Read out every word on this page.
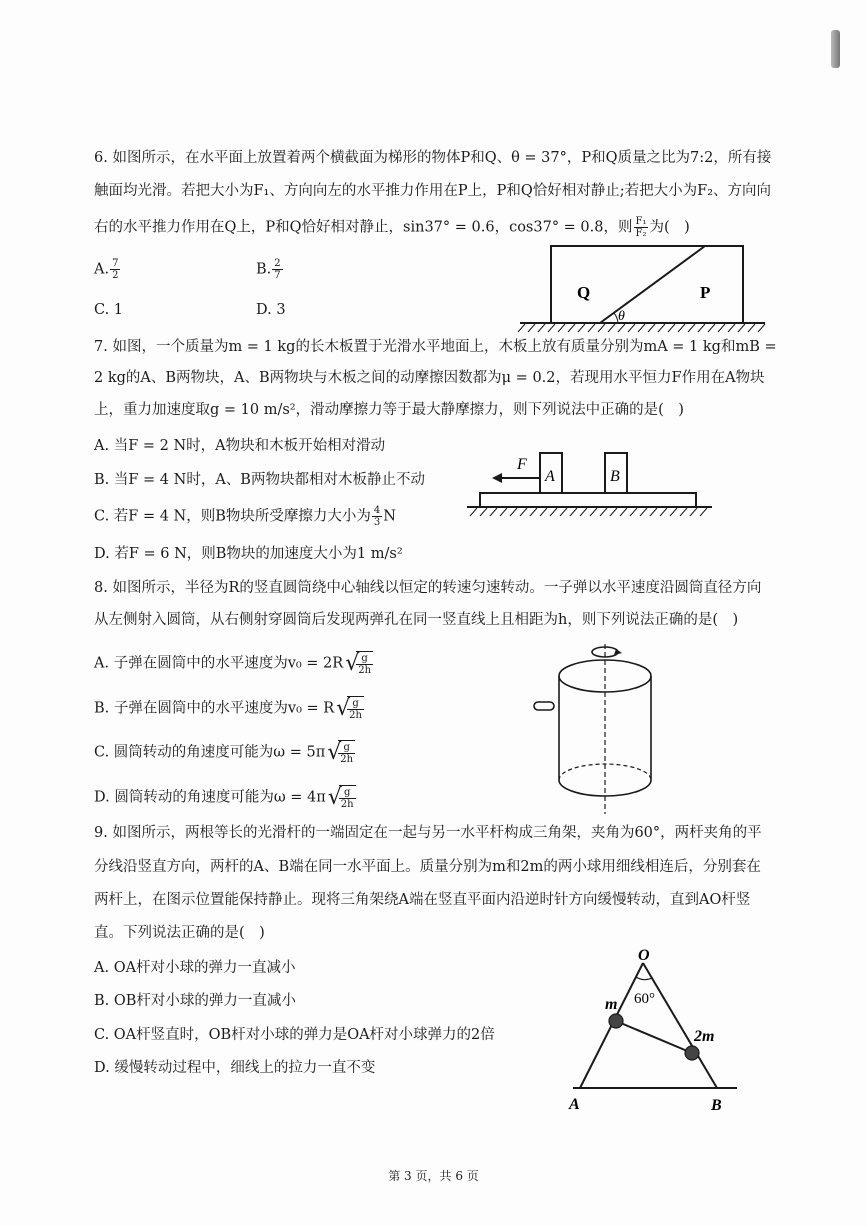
6. 如图所示，在水平面上放置着两个横截面为梯形的物体P和Q、θ = 37°，P和Q质量之比为7:2，所有接
触面均光滑。若把大小为F₁、方向向左的水平推力作用在P上，P和Q恰好相对静止;若把大小为F₂、方向向
右的水平推力作用在Q上，P和Q恰好相对静止，sin37° = 0.6，cos37° = 0.8，则 $\frac{\text{F₁}}{\text{F₂}}$ 为(　)
A. $\frac{7}{2}$	B. $\frac{2}{7}$
C. 1	D. 3
Q	P
θ
7. 如图，一个质量为m = 1 kg的长木板置于光滑水平地面上，木板上放有质量分别为mA = 1 kg和mB =
2 kg的A、B两物块，A、B两物块与木板之间的动摩擦因数都为μ = 0.2，若现用水平恒力F作用在A物块
上，重力加速度取g = 10 m/s²，滑动摩擦力等于最大静摩擦力，则下列说法中正确的是(　)
A. 当F = 2 N时，A物块和木板开始相对滑动
B. 当F = 4 N时，A、B两物块都相对木板静止不动
C. 若F = 4 N，则B物块所受摩擦力大小为 $\frac{4}{3}$ N
D. 若F = 6 N，则B物块的加速度大小为1 m/s²
F
A	B
8. 如图所示，半径为R的竖直圆筒绕中心轴线以恒定的转速匀速转动。一子弹以水平速度沿圆筒直径方向
从左侧射入圆筒，从右侧射穿圆筒后发现两弹孔在同一竖直线上且相距为h，则下列说法正确的是(　)
A. 子弹在圆筒中的水平速度为v₀ = 2R √
$\frac{g}{2h}$
B. 子弹在圆筒中的水平速度为v₀ = R √
$\frac{g}{2h}$
C. 圆筒转动的角速度可能为ω = 5π √
$\frac{g}{2h}$
D. 圆筒转动的角速度可能为ω = 4π √
$\frac{g}{2h}$
9. 如图所示，两根等长的光滑杆的一端固定在一起与另一水平杆构成三角架，夹角为60°，两杆夹角的平
分线沿竖直方向，两杆的A、B端在同一水平面上。质量分别为m和2m的两小球用细线相连后，分别套在
两杆上，在图示位置能保持静止。现将三角架绕A端在竖直平面内沿逆时针方向缓慢转动，直到AO杆竖
直。下列说法正确的是(　)
A. OA杆对小球的弹力一直减小
B. OB杆对小球的弹力一直减小
C. OA杆竖直时，OB杆对小球的弹力是OA杆对小球弹力的2倍
D. 缓慢转动过程中，细线上的拉力一直不变
O
60°
m
2m
A	B
第 3 页，共 6 页
